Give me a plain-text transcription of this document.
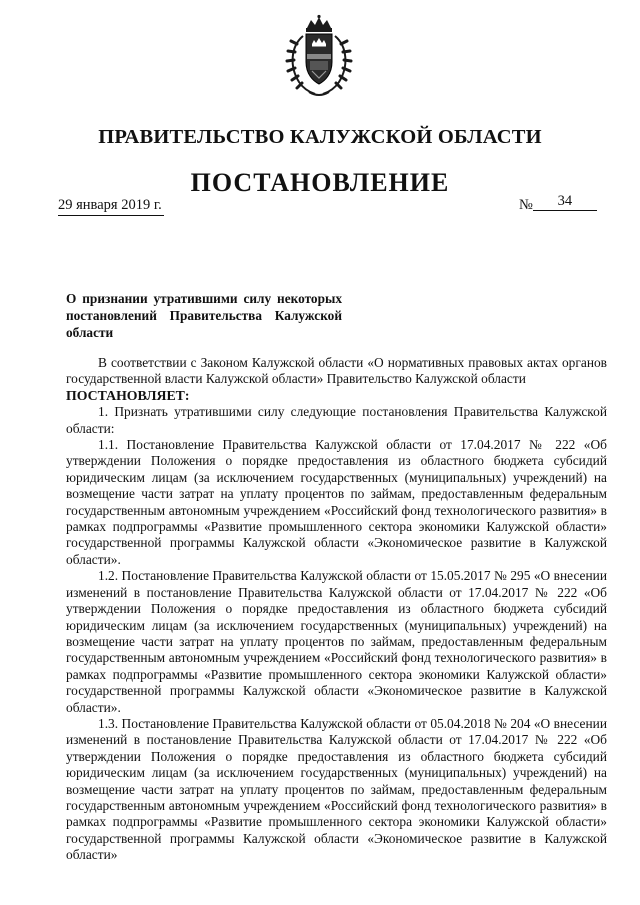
ПРАВИТЕЛЬСТВО КАЛУЖСКОЙ ОБЛАСТИ
ПОСТАНОВЛЕНИЕ
29 января 2019 г.	№ 34
О признании утратившими силу некоторых постановлений Правительства Калужской области

В соответствии с Законом Калужской области «О нормативных правовых актах органов государственной власти Калужской области» Правительство Калужской области

ПОСТАНОВЛЯЕТ:

1. Признать утратившими силу следующие постановления Правительства Калужской области:

1.1. Постановление Правительства Калужской области от 17.04.2017 № 222 «Об утверждении Положения о порядке предоставления из областного бюджета субсидий юридическим лицам (за исключением государственных (муниципальных) учреждений) на возмещение части затрат на уплату процентов по займам, предоставленным федеральным государственным автономным учреждением «Российский фонд технологического развития» в рамках подпрограммы «Развитие промышленного сектора экономики Калужской области» государственной программы Калужской области «Экономическое развитие в Калужской области».

1.2. Постановление Правительства Калужской области от 15.05.2017 № 295 «О внесении изменений в постановление Правительства Калужской области от 17.04.2017 № 222 «Об утверждении Положения о порядке предоставления из областного бюджета субсидий юридическим лицам (за исключением государственных (муниципальных) учреждений) на возмещение части затрат на уплату процентов по займам, предоставленным федеральным государственным автономным учреждением «Российский фонд технологического развития» в рамках подпрограммы «Развитие промышленного сектора экономики Калужской области» государственной программы Калужской области «Экономическое развитие в Калужской области».

1.3. Постановление Правительства Калужской области от 05.04.2018 № 204 «О внесении изменений в постановление Правительства Калужской области от 17.04.2017 № 222 «Об утверждении Положения о порядке предоставления из областного бюджета субсидий юридическим лицам (за исключением государственных (муниципальных) учреждений) на возмещение части затрат на уплату процентов по займам, предоставленным федеральным государственным автономным учреждением «Российский фонд технологического развития» в рамках подпрограммы «Развитие промышленного сектора экономики Калужской области» государственной программы Калужской области «Экономическое развитие в Калужской области»
